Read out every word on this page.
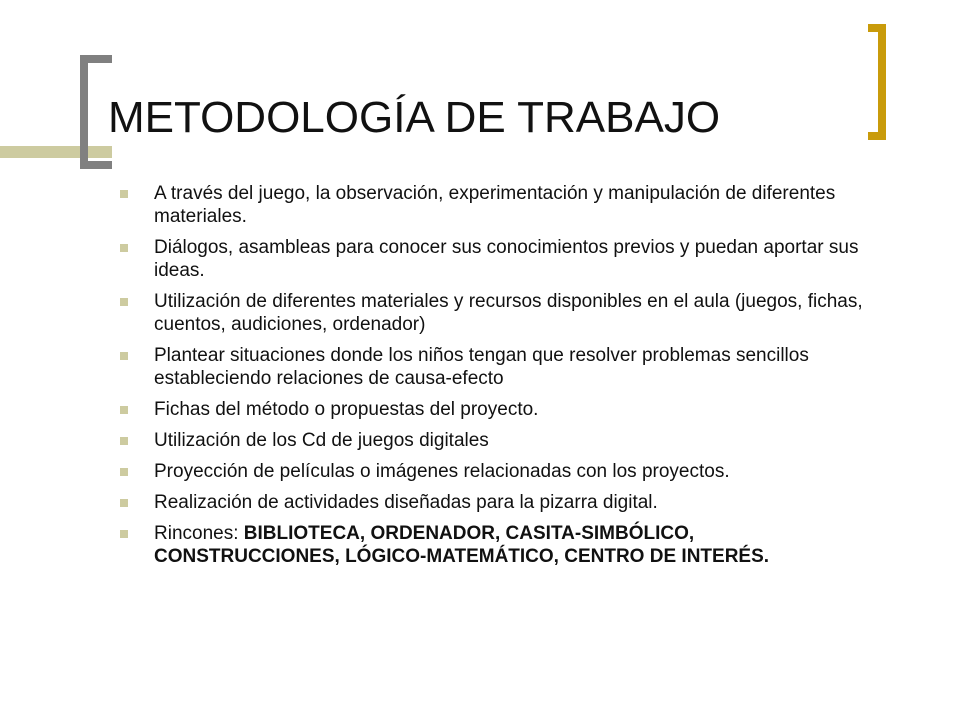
METODOLOGÍA DE TRABAJO
A través del juego, la observación, experimentación y manipulación de diferentes materiales.
Diálogos, asambleas para conocer sus conocimientos previos y puedan aportar sus ideas.
Utilización de diferentes materiales y recursos disponibles en el aula (juegos, fichas, cuentos, audiciones, ordenador)
Plantear situaciones donde los niños tengan que resolver problemas sencillos estableciendo relaciones de causa-efecto
Fichas del método o propuestas del proyecto.
Utilización de los Cd de juegos digitales
Proyección de películas o imágenes relacionadas con los proyectos.
Realización de actividades diseñadas para la pizarra digital.
Rincones: BIBLIOTECA, ORDENADOR, CASITA-SIMBÓLICO, CONSTRUCCIONES, LÓGICO-MATEMÁTICO, CENTRO DE INTERÉS.
